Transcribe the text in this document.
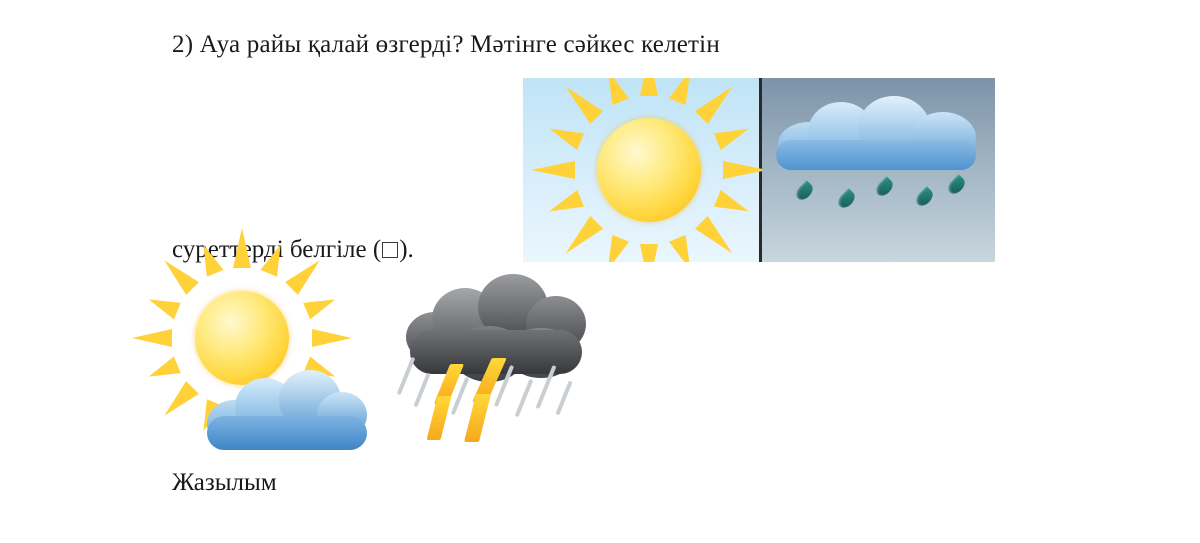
2) Ауа райы қалай өзгерді? Мәтінге сәйкес келетін
суреттерді белгіле ( ).
Жазылым
